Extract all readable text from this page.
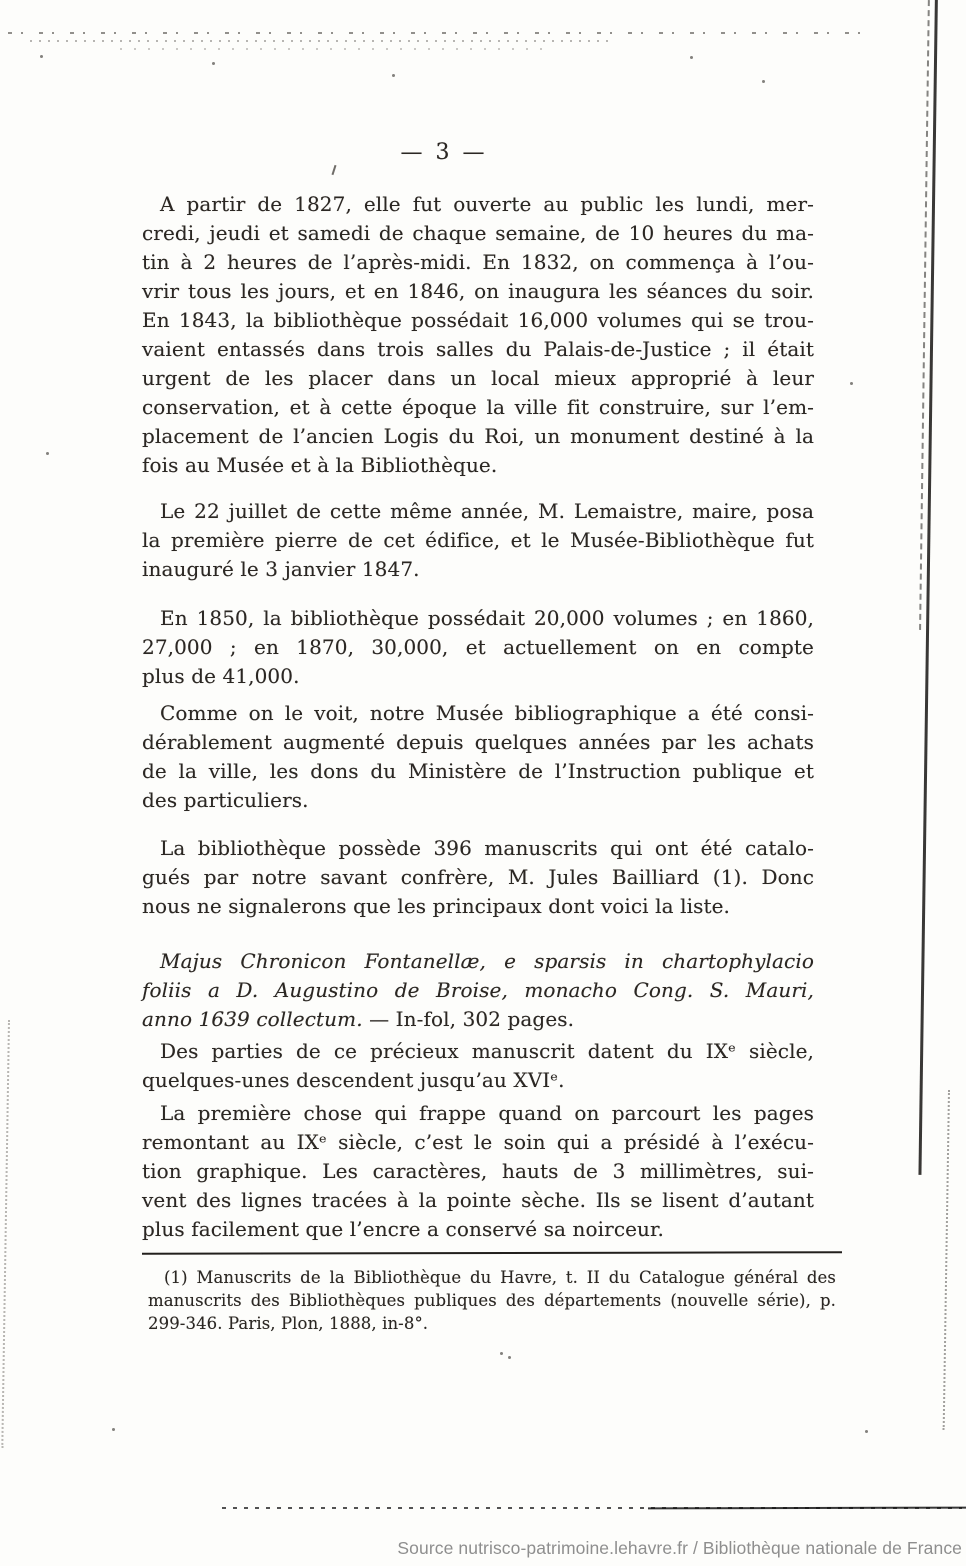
— 3 —
A partir de 1827, elle fut ouverte au public les lundi, mer-
credi, jeudi et samedi de chaque semaine, de 10 heures du ma-
tin à 2 heures de l’après-midi. En 1832, on commença à l’ou-
vrir tous les jours, et en 1846, on inaugura les séances du soir.
En 1843, la bibliothèque possédait 16,000 volumes qui se trou-
vaient entassés dans trois salles du Palais-de-Justice ; il était
urgent de les placer dans un local mieux approprié à leur
conservation, et à cette époque la ville fit construire, sur l’em-
placement de l’ancien Logis du Roi, un monument destiné à la
fois au Musée et à la Bibliothèque.
Le 22 juillet de cette même année, M. Lemaistre, maire, posa
la première pierre de cet édifice, et le Musée-Bibliothèque fut
inauguré le 3 janvier 1847.
En 1850, la bibliothèque possédait 20,000 volumes ; en 1860,
27,000 ; en 1870, 30,000, et actuellement on en compte
plus de 41,000.
Comme on le voit, notre Musée bibliographique a été consi-
dérablement augmenté depuis quelques années par les achats
de la ville, les dons du Ministère de l’Instruction publique et
des particuliers.
La bibliothèque possède 396 manuscrits qui ont été catalo-
gués par notre savant confrère, M. Jules Bailliard (1). Donc
nous ne signalerons que les principaux dont voici la liste.
Majus Chronicon Fontanellæ, e sparsis in chartophylacio
foliis a D. Augustino de Broise, monacho Cong. S. Mauri,
anno 1639 collectum. — In-fol, 302 pages.
Des parties de ce précieux manuscrit datent du IXᵉ siècle,
quelques-unes descendent jusqu’au XVIᵉ.
La première chose qui frappe quand on parcourt les pages
remontant au IXᵉ siècle, c’est le soin qui a présidé à l’exécu-
tion graphique. Les caractères, hauts de 3 millimètres, sui-
vent des lignes tracées à la pointe sèche. Ils se lisent d’autant
plus facilement que l’encre a conservé sa noirceur.
(1) Manuscrits de la Bibliothèque du Havre, t. II du Catalogue général des
manuscrits des Bibliothèques publiques des départements (nouvelle série), p.
299-346. Paris, Plon, 1888, in-8°.
Source nutrisco-patrimoine.lehavre.fr / Bibliothèque nationale de France
